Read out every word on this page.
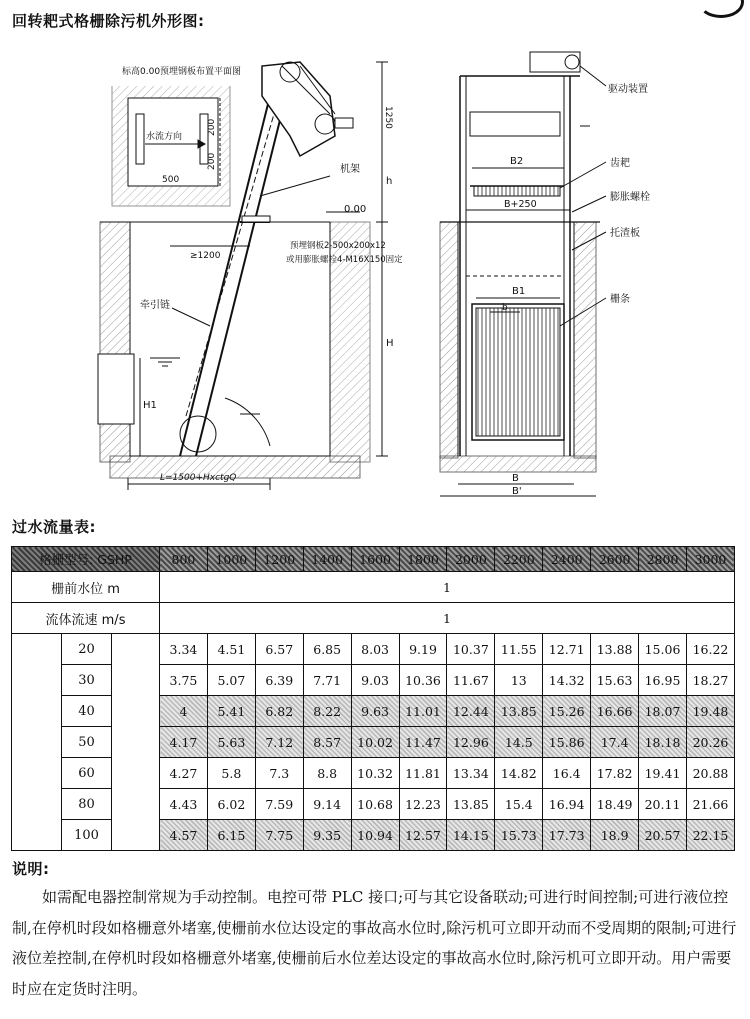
回转耙式格栅除污机外形图:
标高0.00预埋钢板布置平面图
水流方向
500
200
200
1250
h
H
H1
机架
0.00
≥1200
预埋钢板2-500x200x12
或用膨胀螺栓4-M16X150固定
牵引链
L=1500+HxctgQ
驱动装置
齿耙
膨胀螺栓
托渣板
栅条
B2
B+250
B1
b
B
B'
过水流量表:
格栅型号: GSHP			800	1000	1200	1400	1600	1800	2000	2200	2400	2600	2800	3000
栅前水位 m			1											
流体流速 m/s			1											
	20		3.34	4.51	6.57	6.85	8.03	9.19	10.37	11.55	12.71	13.88	15.06	16.22
	30		3.75	5.07	6.39	7.71	9.03	10.36	11.67	13	14.32	15.63	16.95	18.27
	40		4	5.41	6.82	8.22	9.63	11.01	12.44	13.85	15.26	16.66	18.07	19.48
	50		4.17	5.63	7.12	8.57	10.02	11.47	12.96	14.5	15.86	17.4	18.18	20.26
	60		4.27	5.8	7.3	8.8	10.32	11.81	13.34	14.82	16.4	17.82	19.41	20.88
	80		4.43	6.02	7.59	9.14	10.68	12.23	13.85	15.4	16.94	18.49	20.11	21.66
	100		4.57	6.15	7.75	9.35	10.94	12.57	14.15	15.73	17.73	18.9	20.57	22.15
说明:

如需配电器控制常规为手动控制。电控可带 PLC 接口;可与其它设备联动;可进行时间控制;可进行液位控制,在停机时段如格栅意外堵塞,使栅前水位达设定的事故高水位时,除污机可立即开动而不受周期的限制;可进行液位差控制,在停机时段如格栅意外堵塞,使栅前后水位差达设定的事故高水位时,除污机可立即开动。用户需要时应在定货时注明。
